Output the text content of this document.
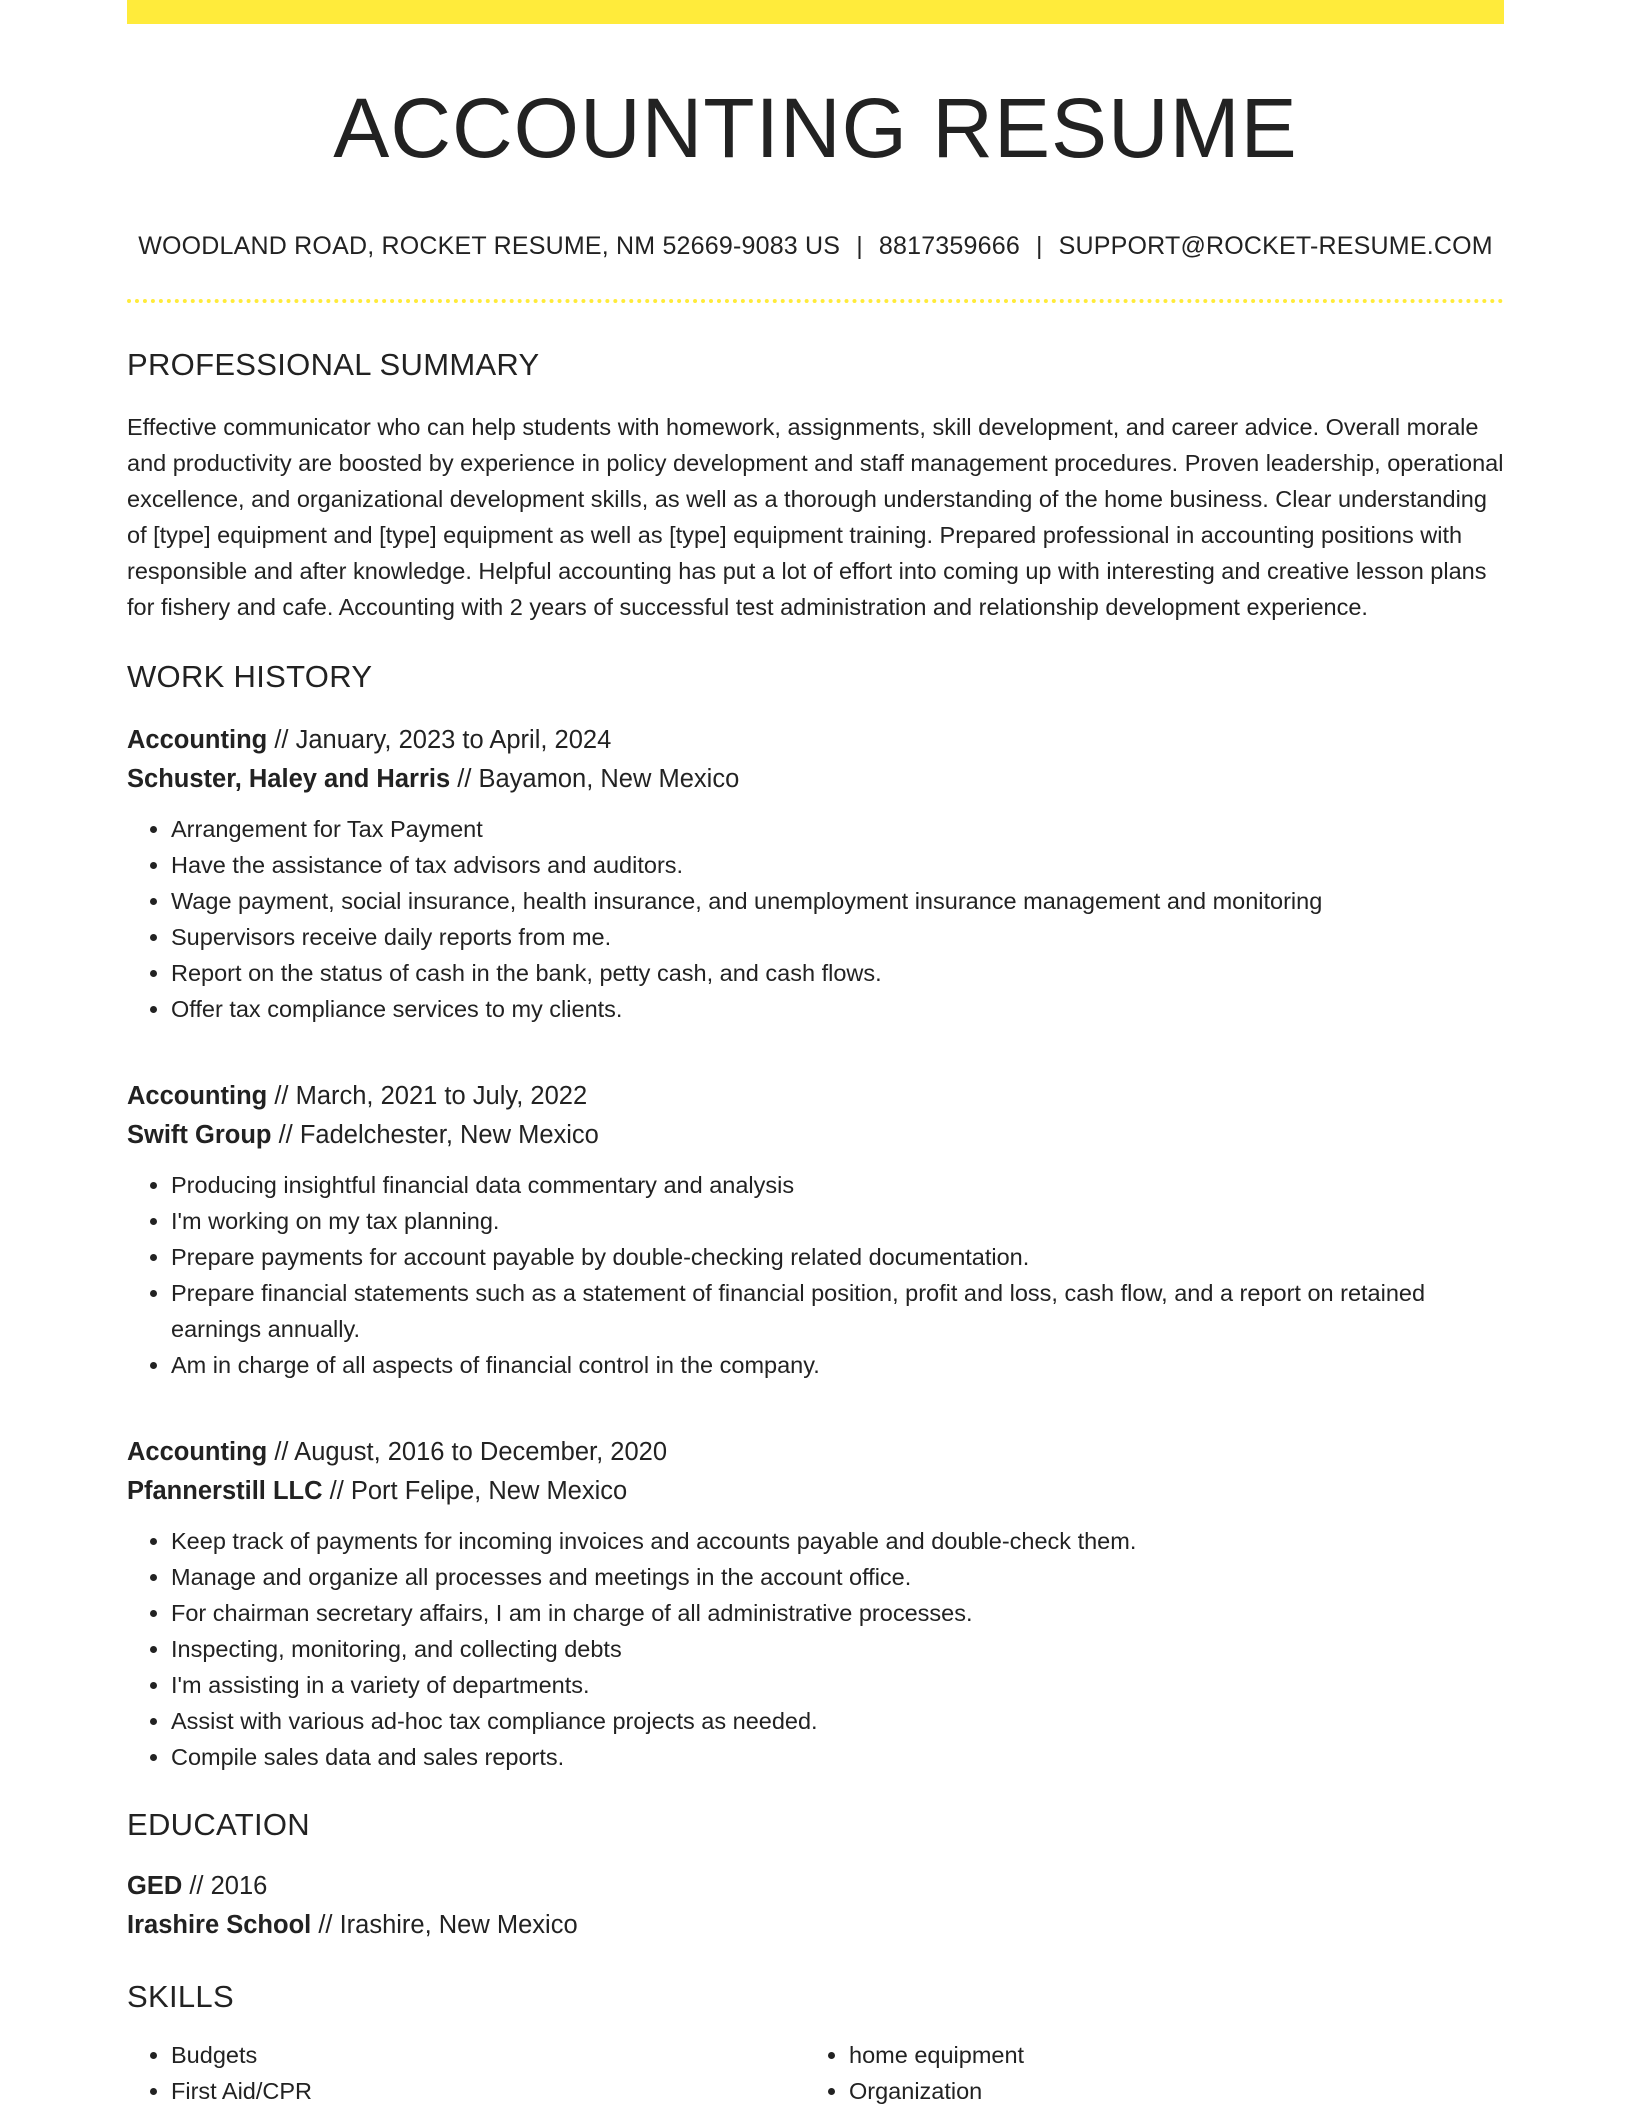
ACCOUNTING RESUME
WOODLAND ROAD, ROCKET RESUME, NM 52669-9083 US | 8817359666 | SUPPORT@ROCKET-RESUME.COM
PROFESSIONAL SUMMARY
Effective communicator who can help students with homework, assignments, skill development, and career advice. Overall morale and productivity are boosted by experience in policy development and staff management procedures. Proven leadership, operational excellence, and organizational development skills, as well as a thorough understanding of the home business. Clear understanding of [type] equipment and [type] equipment as well as [type] equipment training. Prepared professional in accounting positions with responsible and after knowledge. Helpful accounting has put a lot of effort into coming up with interesting and creative lesson plans for fishery and cafe. Accounting with 2 years of successful test administration and relationship development experience.
WORK HISTORY
Accounting // January, 2023 to April, 2024
Schuster, Haley and Harris // Bayamon, New Mexico
• Arrangement for Tax Payment
• Have the assistance of tax advisors and auditors.
• Wage payment, social insurance, health insurance, and unemployment insurance management and monitoring
• Supervisors receive daily reports from me.
• Report on the status of cash in the bank, petty cash, and cash flows.
• Offer tax compliance services to my clients.
Accounting // March, 2021 to July, 2022
Swift Group // Fadelchester, New Mexico
• Producing insightful financial data commentary and analysis
• I'm working on my tax planning.
• Prepare payments for account payable by double-checking related documentation.
• Prepare financial statements such as a statement of financial position, profit and loss, cash flow, and a report on retained earnings annually.
• Am in charge of all aspects of financial control in the company.
Accounting // August, 2016 to December, 2020
Pfannerstill LLC // Port Felipe, New Mexico
• Keep track of payments for incoming invoices and accounts payable and double-check them.
• Manage and organize all processes and meetings in the account office.
• For chairman secretary affairs, I am in charge of all administrative processes.
• Inspecting, monitoring, and collecting debts
• I'm assisting in a variety of departments.
• Assist with various ad-hoc tax compliance projects as needed.
• Compile sales data and sales reports.
EDUCATION
GED // 2016
Irashire School // Irashire, New Mexico
SKILLS
• Budgets
• First Aid/CPR
• home equipment
• Organization
